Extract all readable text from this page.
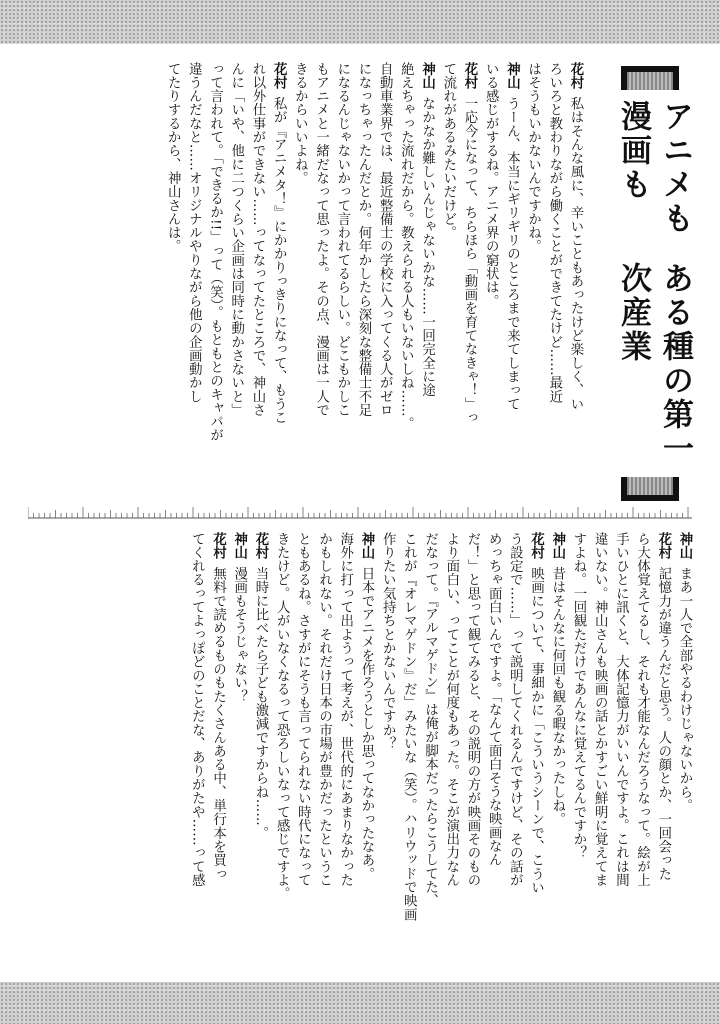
花村私はそんな風に、辛いこともあったけど楽しく、い
ろいろと教わりながら働くことができてたけど……最近
はそうもいかないんですかね。
神山うーん、本当にギリギリのところまで来てしまって
いる感じがするね。アニメ界の窮状は。
花村一応今になって、ちらほら「動画を育てなきゃ！」っ
て流れがあるみたいだけど。
神山なかなか難しいんじゃないかな……一回完全に途
絶えちゃった流れだから。教えられる人もいないしね……。
自動車業界では、最近整備士の学校に入ってくる人がゼロ
になっちゃったんだとか。何年かしたら深刻な整備士不足
になるんじゃないかって言われてるらしい。どこもかしこ
もアニメと一緒だなって思ったよ。その点、漫画は一人で
きるからいいよね。
花村私が『アニメタ！』にかかりっきりになって、もうこ
れ以外仕事ができない……ってなってたところで、神山さ
んに「いや、他に二つくらい企画は同時に動かさないと」
って言われて。「できるか!!」って（笑）。もともとのキャパが
違うんだなと……オリジナルやりながら他の企画動かし
てたりするから、神山さんは。	アニメも漫画も
ある種の第一次産業
神山まあ一人で全部やるわけじゃないから。
花村記憶力が違うんだと思う。人の顔とか、一回会った
ら大体覚えてるし、それも才能なんだろうなって。絵が上
手いひとに訊くと、大体記憶力がいいんですよ。これは間
違いない。神山さんも映画の話とかすごい鮮明に覚えてま
すよね。一回観ただけであんなに覚えてるんですか？
神山昔はそんなに何回も観る暇なかったしね。
花村映画について、事細かに「こういうシーンで、こうい
う設定で……」って説明してくれるんですけど、その話が
めっちゃ面白いんですよ。「なんて面白そうな映画なん
だ！」と思って観てみると、その説明の方が映画そのもの
より面白い、ってことが何度もあった。そこが演出力なん
だなって。『アルマゲドン』は俺が脚本だったらこうしてた、
これが『オレマゲドン』だ」みたいな（笑）。ハリウッドで映画
作りたい気持ちとかないんですか？
神山日本でアニメを作ろうとしか思ってなかったなあ。
海外に打って出ようって考えが、世代的にあまりなかった
かもしれない。それだけ日本の市場が豊かだったというこ
ともあるね。さすがにそうも言ってられない時代になって
きたけど。人がいなくなるって恐ろしいなって感じですよ。
花村当時に比べたら子ども激減ですからね……。
神山漫画もそうじゃない？
花村無料で読めるものもたくさんある中、単行本を買っ
てくれるってよっぽどのことだな、ありがたや……って感
